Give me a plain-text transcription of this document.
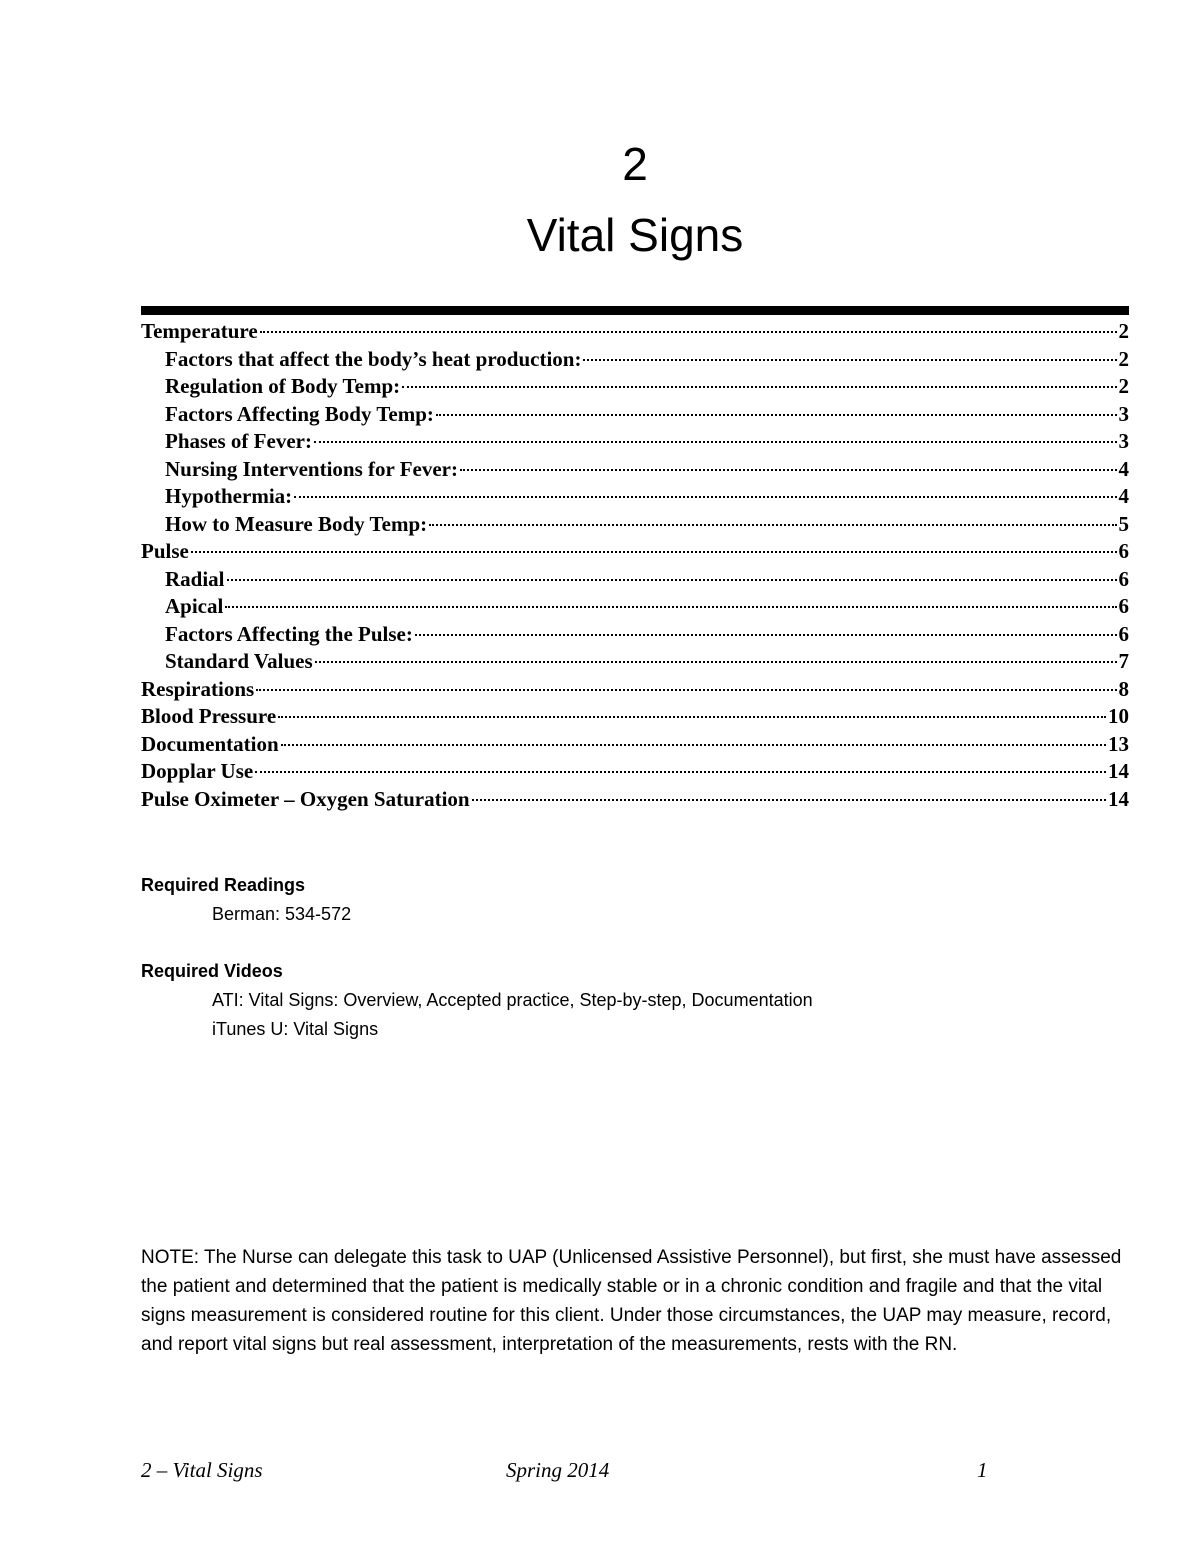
2
Vital Signs
Temperature	2
Factors that affect the body’s heat production:	2
Regulation of Body Temp:	2
Factors Affecting Body Temp:	3
Phases of Fever:	3
Nursing Interventions for Fever:	4
Hypothermia:	4
How to Measure Body Temp:	5
Pulse	6
Radial	6
Apical	6
Factors Affecting the Pulse:	6
Standard Values	7
Respirations	8
Blood Pressure	10
Documentation	13
Dopplar Use	14
Pulse Oximeter – Oxygen Saturation	14
Required Readings
Berman: 534-572
Required Videos
ATI: Vital Signs: Overview, Accepted practice, Step-by-step, Documentation
iTunes U: Vital Signs

NOTE: The Nurse can delegate this task to UAP (Unlicensed Assistive Personnel), but first, she must have assessed the patient and determined that the patient is medically stable or in a chronic condition and fragile and that the vital signs measurement is considered routine for this client. Under those circumstances, the UAP may measure, record, and report vital signs but real assessment, interpretation of the measurements, rests with the RN.

2 – Vital Signs	Spring 2014	1
